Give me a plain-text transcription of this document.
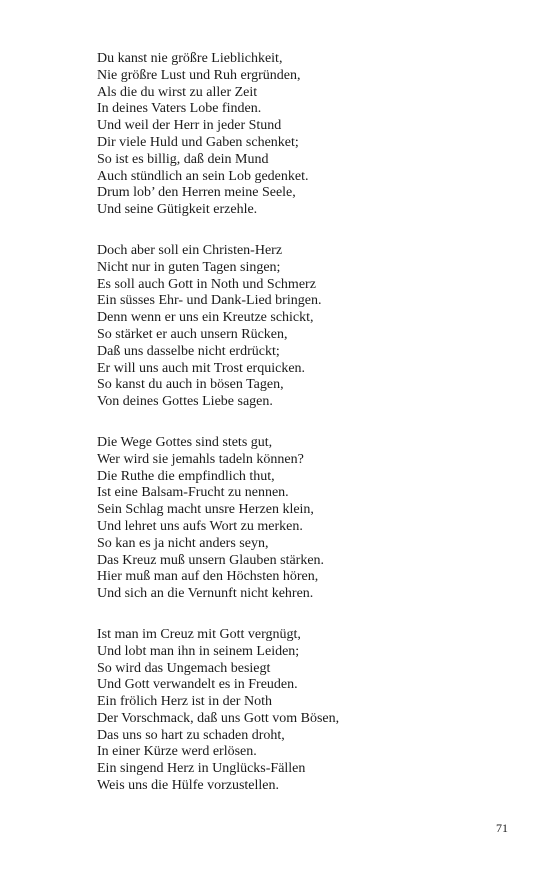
Du kanst nie größre Lieblichkeit,
Nie größre Lust und Ruh ergründen,
Als die du wirst zu aller Zeit
In deines Vaters Lobe finden.
Und weil der Herr in jeder Stund
Dir viele Huld und Gaben schenket;
So ist es billig, daß dein Mund
Auch stündlich an sein Lob gedenket.
Drum lob’ den Herren meine Seele,
Und seine Gütigkeit erzehle.
Doch aber soll ein Christen-Herz
Nicht nur in guten Tagen singen;
Es soll auch Gott in Noth und Schmerz
Ein süsses Ehr- und Dank-Lied bringen.
Denn wenn er uns ein Kreutze schickt,
So stärket er auch unsern Rücken,
Daß uns dasselbe nicht erdrückt;
Er will uns auch mit Trost erquicken.
So kanst du auch in bösen Tagen,
Von deines Gottes Liebe sagen.
Die Wege Gottes sind stets gut,
Wer wird sie jemahls tadeln können?
Die Ruthe die empfindlich thut,
Ist eine Balsam-Frucht zu nennen.
Sein Schlag macht unsre Herzen klein,
Und lehret uns aufs Wort zu merken.
So kan es ja nicht anders seyn,
Das Kreuz muß unsern Glauben stärken.
Hier muß man auf den Höchsten hören,
Und sich an die Vernunft nicht kehren.
Ist man im Creuz mit Gott vergnügt,
Und lobt man ihn in seinem Leiden;
So wird das Ungemach besiegt
Und Gott verwandelt es in Freuden.
Ein frölich Herz ist in der Noth
Der Vorschmack, daß uns Gott vom Bösen,
Das uns so hart zu schaden droht,
In einer Kürze werd erlösen.
Ein singend Herz in Unglücks-Fällen
Weis uns die Hülfe vorzustellen.
71
